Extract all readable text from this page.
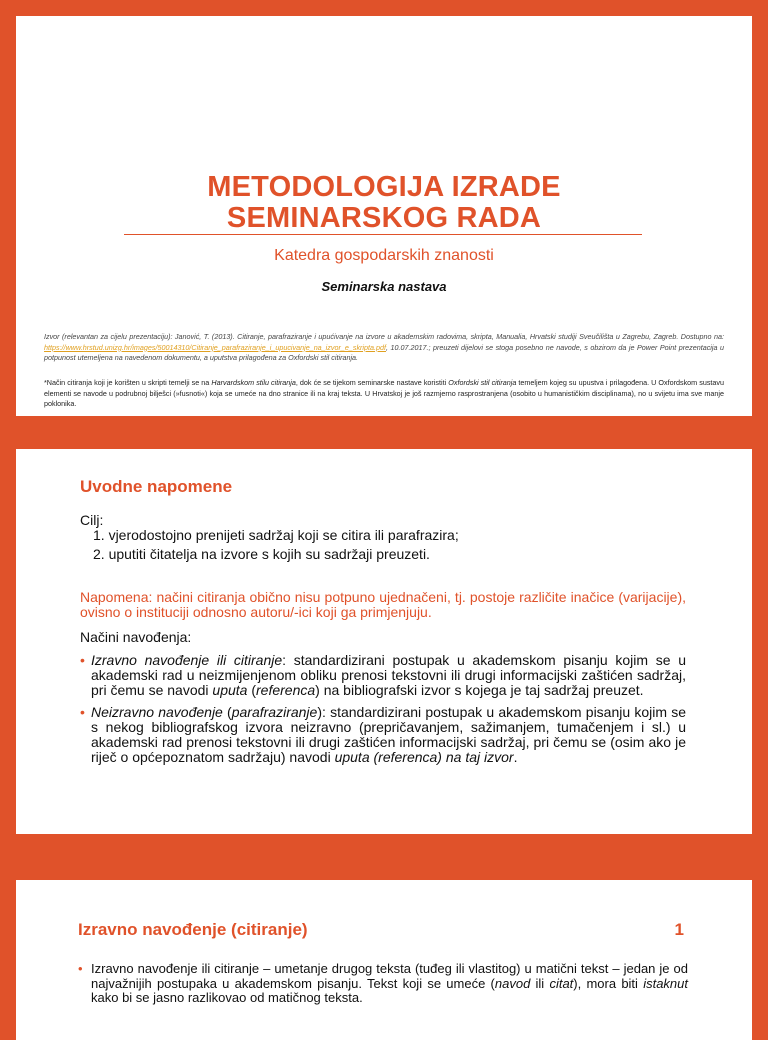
METODOLOGIJA IZRADE
SEMINARSKOG RADA
Katedra gospodarskih znanosti
Seminarska nastava
Izvor (relevantan za cijelu prezentaciju): Janović, T. (2013). Citiranje, parafraziranje i upućivanje na izvore u akademskim radovima, skripta, Manualia, Hrvatski studiji Sveučilišta u Zagrebu, Zagreb. Dostupno na: https://www.hrstud.unizg.hr/images/50014310/Citiranje_parafraziranje_i_upucivanje_na_izvor_e_skripta.pdf, 10.07.2017.; preuzeti dijelovi se stoga posebno ne navode, s obzirom da je Power Point prezentacija u potpunost utemeljena na navedenom dokumentu, a uputstva prilagođena za Oxfordski stil citiranja.
*Način citiranja koji je korišten u skripti temelji se na Harvardskom stilu citiranja, dok će se tijekom seminarske nastave koristiti Oxfordski stil citiranja temeljem kojeg su upustva i prilagođena. U Oxfordskom sustavu elementi se navode u podrubnoj bilješci (»fusnoti«) koja se umeće na dno stranice ili na kraj teksta. U Hrvatskoj je još razmjerno rasprostranjena (osobito u humanističkim disciplinama), no u svijetu ima sve manje poklonika.
Uvodne napomene
Cilj:
1. vjerodostojno prenijeti sadržaj koji se citira ili parafrazira;
2. uputiti čitatelja na izvore s kojih su sadržaji preuzeti.
Napomena: načini citiranja obično nisu potpuno ujednačeni, tj. postoje različite inačice (varijacije), ovisno o instituciji odnosno autoru/-ici koji ga primjenjuju.
Načini navođenja:
• Izravno navođenje ili citiranje: standardizirani postupak u akademskom pisanju kojim se u akademski rad u neizmijenjenom obliku prenosi tekstovni ili drugi informacijski zaštićen sadržaj, pri čemu se navodi uputa (referenca) na bibliografski izvor s kojega je taj sadržaj preuzet.
• Neizravno navođenje (parafraziranje): standardizirani postupak u akademskom pisanju kojim se s nekog bibliografskog izvora neizravno (prepričavanjem, sažimanjem, tumačenjem i sl.) u akademski rad prenosi tekstovni ili drugi zaštićen informacijski sadržaj, pri čemu se (osim ako je riječ o općepoznatom sadržaju) navodi uputa (referenca) na taj izvor.
Izravno navođenje (citiranje)	1
• Izravno navođenje ili citiranje – umetanje drugog teksta (tuđeg ili vlastitog) u matični tekst – jedan je od najvažnijih postupaka u akademskom pisanju. Tekst koji se umeće (navod ili citat), mora biti istaknut kako bi se jasno razlikovao od matičnog teksta.
